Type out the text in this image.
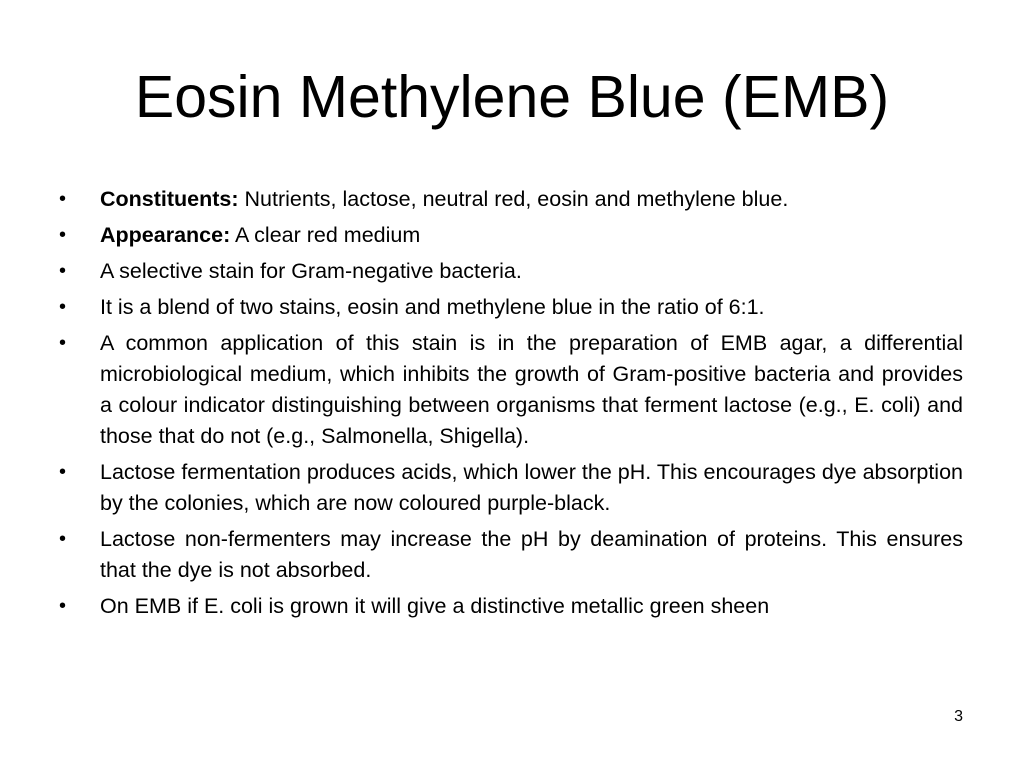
Eosin Methylene Blue (EMB)
•	Constituents: Nutrients, lactose, neutral red, eosin and methylene blue.
•	Appearance: A clear red medium
•	A selective stain for Gram-negative bacteria.
•	It is a blend of two stains, eosin and methylene blue in the ratio of 6:1.
•	A common application of this stain is in the preparation of EMB agar, a differential microbiological medium, which inhibits the growth of Gram-positive bacteria and provides a colour indicator distinguishing between organisms that ferment lactose (e.g., E. coli) and those that do not (e.g., Salmonella, Shigella).
•	Lactose fermentation produces acids, which lower the pH. This encourages dye absorption by the colonies, which are now coloured purple-black.
•	Lactose non-fermenters may increase the pH by deamination of proteins. This ensures that the dye is not absorbed.
•	On EMB if E. coli is grown it will give a distinctive metallic green sheen
3
